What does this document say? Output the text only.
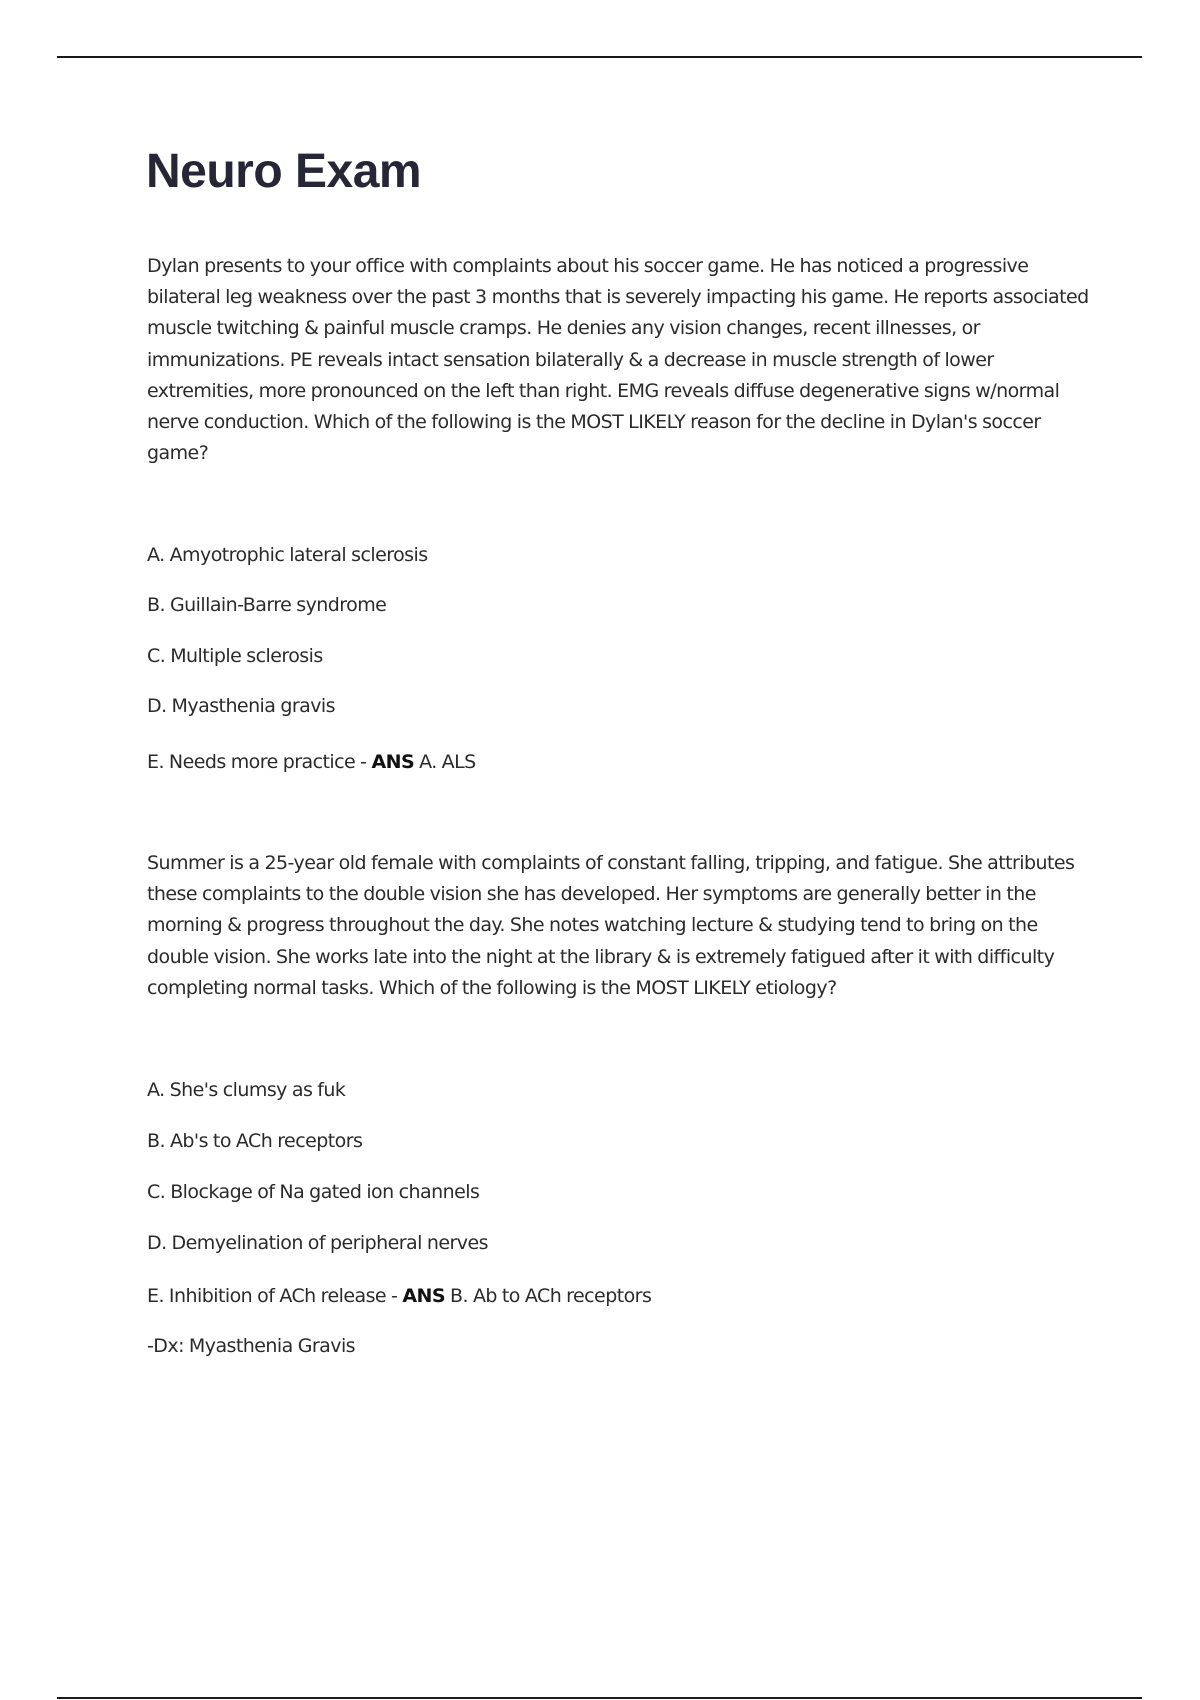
Neuro Exam

Dylan presents to your office with complaints about his soccer game. He has noticed a progressive
bilateral leg weakness over the past 3 months that is severely impacting his game. He reports associated
muscle twitching & painful muscle cramps. He denies any vision changes, recent illnesses, or
immunizations. PE reveals intact sensation bilaterally & a decrease in muscle strength of lower
extremities, more pronounced on the left than right. EMG reveals diffuse degenerative signs w/normal
nerve conduction. Which of the following is the MOST LIKELY reason for the decline in Dylan's soccer
game?

A. Amyotrophic lateral sclerosis

B. Guillain-Barre syndrome

C. Multiple sclerosis

D. Myasthenia gravis

E. Needs more practice - ANS A. ALS

Summer is a 25-year old female with complaints of constant falling, tripping, and fatigue. She attributes
these complaints to the double vision she has developed. Her symptoms are generally better in the
morning & progress throughout the day. She notes watching lecture & studying tend to bring on the
double vision. She works late into the night at the library & is extremely fatigued after it with difficulty
completing normal tasks. Which of the following is the MOST LIKELY etiology?

A. She's clumsy as fuk

B. Ab's to ACh receptors

C. Blockage of Na gated ion channels

D. Demyelination of peripheral nerves

E. Inhibition of ACh release - ANS B. Ab to ACh receptors

-Dx: Myasthenia Gravis
